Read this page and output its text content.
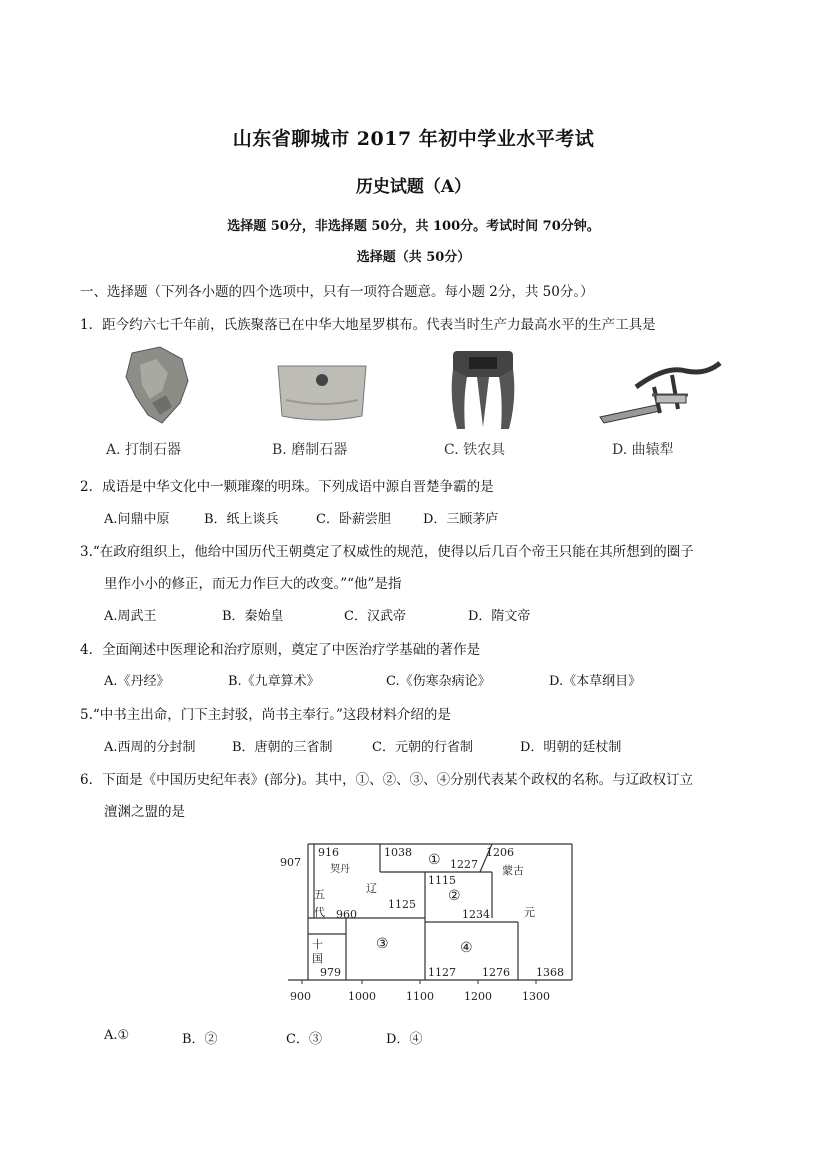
山东省聊城市 2017 年初中学业水平考试
历史试题（A）
选择题 50分，非选择题 50分，共 100分。考试时间 70分钟。
选择题（共 50分）
一、选择题（下列各小题的四个选项中，只有一项符合题意。每小题 2分，共 50分。）
1．距今约六七千年前，氏族聚落已在中华大地星罗棋布。代表当时生产力最高水平的生产工具是
A. 打制石器	B. 磨制石器	C. 铁农具	D. 曲辕犁
2．成语是中华文化中一颗璀璨的明珠。下列成语中源自晋楚争霸的是
A.问鼎中原	B．纸上谈兵	C．卧薪尝胆 D．三顾茅庐
3.“在政府组织上，他给中国历代王朝奠定了权威性的规范，使得以后几百个帝王只能在其所想到的圈子
里作小小的修正，而无力作巨大的改变。”“他”是指
A.周武王	B．秦始皇	C．汉武帝	D．隋文帝
4．全面阐述中医理论和治疗原则，奠定了中医治疗学基础的著作是
A.《丹经》	B.《九章算术》	C.《伤寒杂病论》	D.《本草纲目》
5.“中书主出命，门下主封驳，尚书主奉行。”这段材料介绍的是
A.西周的分封制	B．唐朝的三省制	C．元朝的行省制	D．明朝的廷杖制
6．下面是《中国历史纪年表》(部分)。其中，①、②、③、④分别代表某个政权的名称。与辽政权订立
澶渊之盟的是
907
916
契丹
1038 ① 1227
1206
蒙古
辽
1115
五
1125
②
代 960	1234	元
十	③	④
国
979	1127 1276 1368
900	1000	1100	1200	1300
A.①	B．②	C．③	D．④
